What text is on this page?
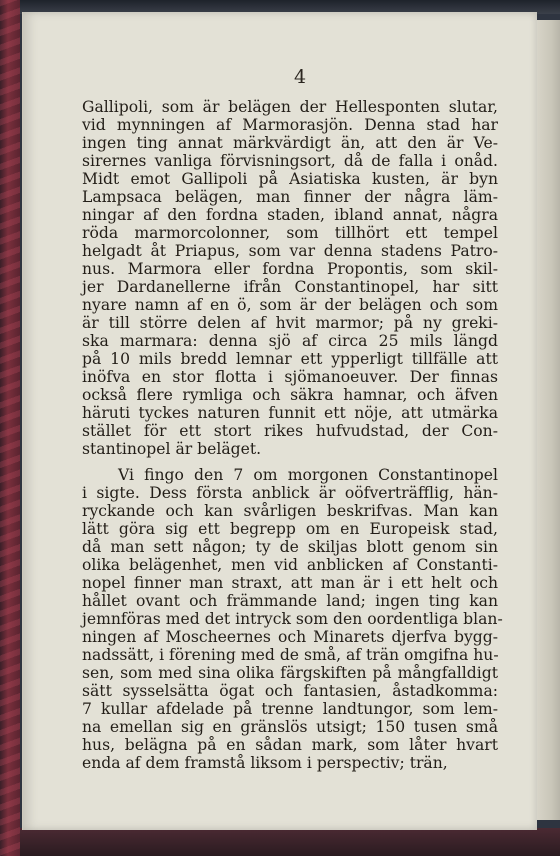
4
Gallipoli, som är belägen der Hellesponten slutar,
vid mynningen af Marmorasjön. Denna stad har
ingen ting annat märkvärdigt än, att den är Ve-
sirernes vanliga förvisningsort, då de falla i onåd.
Midt emot Gallipoli på Asiatiska kusten, är byn
Lampsaca belägen, man finner der några läm-
ningar af den fordna staden, ibland annat, några
röda marmorcolonner, som tillhört ett tempel
helgadt åt Priapus, som var denna stadens Patro-
nus. Marmora eller fordna Propontis, som skil-
jer Dardanellerne ifrån Constantinopel, har sitt
nyare namn af en ö, som är der belägen och som
är till större delen af hvit marmor; på ny greki-
ska marmara: denna sjö af circa 25 mils längd
på 10 mils bredd lemnar ett ypperligt tillfälle att
inöfva en stor flotta i sjömanoeuver. Der finnas
också flere rymliga och säkra hamnar, och äfven
häruti tyckes naturen funnit ett nöje, att utmärka
stället för ett stort rikes hufvudstad, der Con-
stantinopel är beläget.
Vi fingo den 7 om morgonen Constantinopel
i sigte. Dess första anblick är oöfverträfflig, hän-
ryckande och kan svårligen beskrifvas. Man kan
lätt göra sig ett begrepp om en Europeisk stad,
då man sett någon; ty de skiljas blott genom sin
olika belägenhet, men vid anblicken af Constanti-
nopel finner man straxt, att man är i ett helt och
hållet ovant och främmande land; ingen ting kan
jemnföras med det intryck som den oordentliga blan-
ningen af Moscheernes och Minarets djerfva bygg-
nadssätt, i förening med de små, af trän omgifna hu-
sen, som med sina olika färgskiften på mångfalldigt
sätt sysselsätta ögat och fantasien, åstadkomma:
7 kullar afdelade på trenne landtungor, som lem-
na emellan sig en gränslös utsigt; 150 tusen små
hus, belägna på en sådan mark, som låter hvart
enda af dem framstå liksom i perspectiv; trän,
